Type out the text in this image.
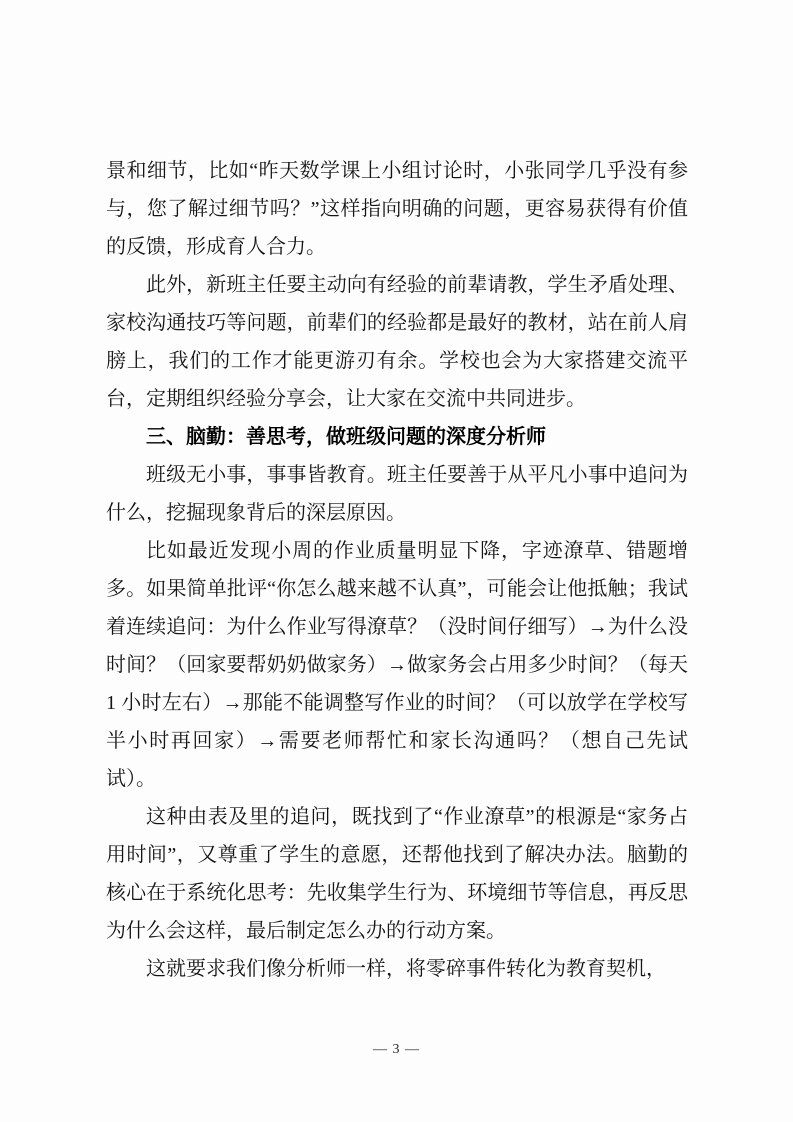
景和细节，比如“昨天数学课上小组讨论时，小张同学几乎没有参与，您了解过细节吗？”这样指向明确的问题，更容易获得有价值的反馈，形成育人合力。

此外，新班主任要主动向有经验的前辈请教，学生矛盾处理、家校沟通技巧等问题，前辈们的经验都是最好的教材，站在前人肩膀上，我们的工作才能更游刃有余。学校也会为大家搭建交流平台，定期组织经验分享会，让大家在交流中共同进步。

三、脑勤：善思考，做班级问题的深度分析师

班级无小事，事事皆教育。班主任要善于从平凡小事中追问为什么，挖掘现象背后的深层原因。

比如最近发现小周的作业质量明显下降，字迹潦草、错题增多。如果简单批评“你怎么越来越不认真”，可能会让他抵触；我试着连续追问：为什么作业写得潦草？（没时间仔细写）→为什么没时间？（回家要帮奶奶做家务）→做家务会占用多少时间？（每天 1 小时左右）→那能不能调整写作业的时间？（可以放学在学校写半小时再回家）→需要老师帮忙和家长沟通吗？（想自己先试试）。

这种由表及里的追问，既找到了“作业潦草”的根源是“家务占用时间”，又尊重了学生的意愿，还帮他找到了解决办法。脑勤的核心在于系统化思考：先收集学生行为、环境细节等信息，再反思为什么会这样，最后制定怎么办的行动方案。

这就要求我们像分析师一样，将零碎事件转化为教育契机，

— 3 —
